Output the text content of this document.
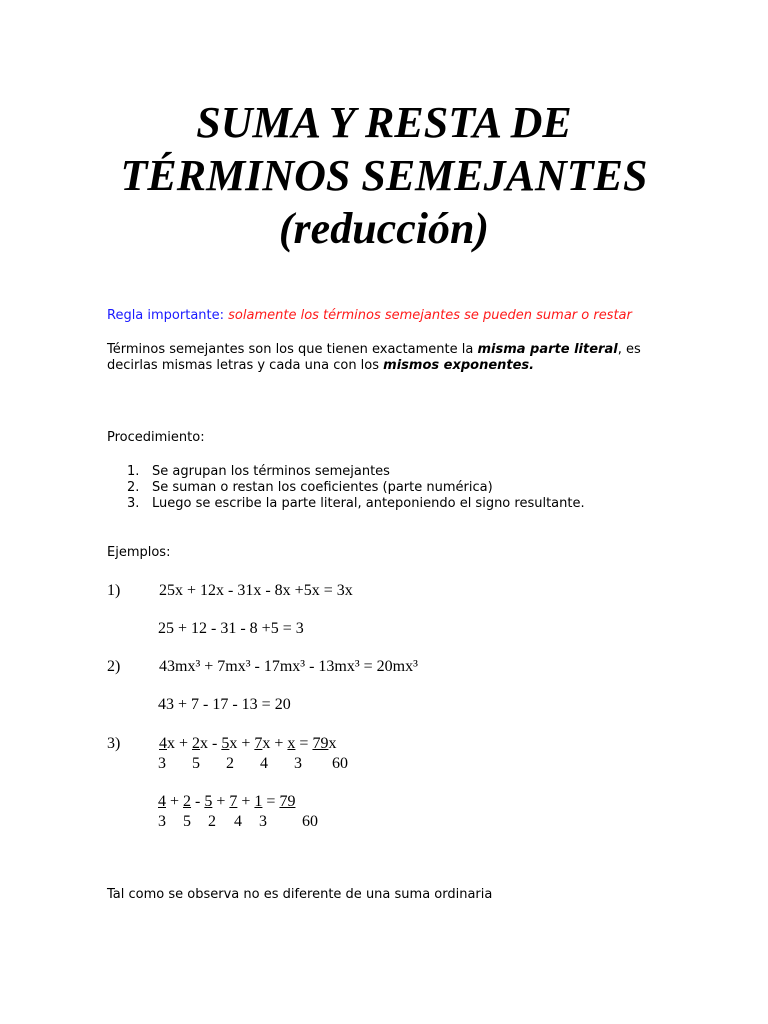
SUMA Y RESTA DE
TÉRMINOS SEMEJANTES
(reducción)
Regla importante: solamente los términos semejantes se pueden sumar o restar
Términos semejantes son los que tienen exactamente la misma parte literal, es decirlas mismas letras y cada una con los mismos exponentes.
Procedimiento:
1. Se agrupan los términos semejantes
2. Se suman o restan los coeficientes (parte numérica)
3. Luego se escribe la parte literal, anteponiendo el signo resultante.
Ejemplos:
1) 25x + 12x - 31x - 8x +5x = 3x
25 + 12 - 31 - 8 +5 = 3
2) 43mx³ + 7mx³ - 17mx³ - 13mx³ = 20mx³
43 + 7 - 17 - 13 = 20
3) 4x + 2x - 5x + 7x + x = 79x
3 5 2 4 3 60
4 + 2 - 5 + 7 + 1 = 79
3 5 2 4 3 60
Tal como se observa no es diferente de una suma ordinaria
